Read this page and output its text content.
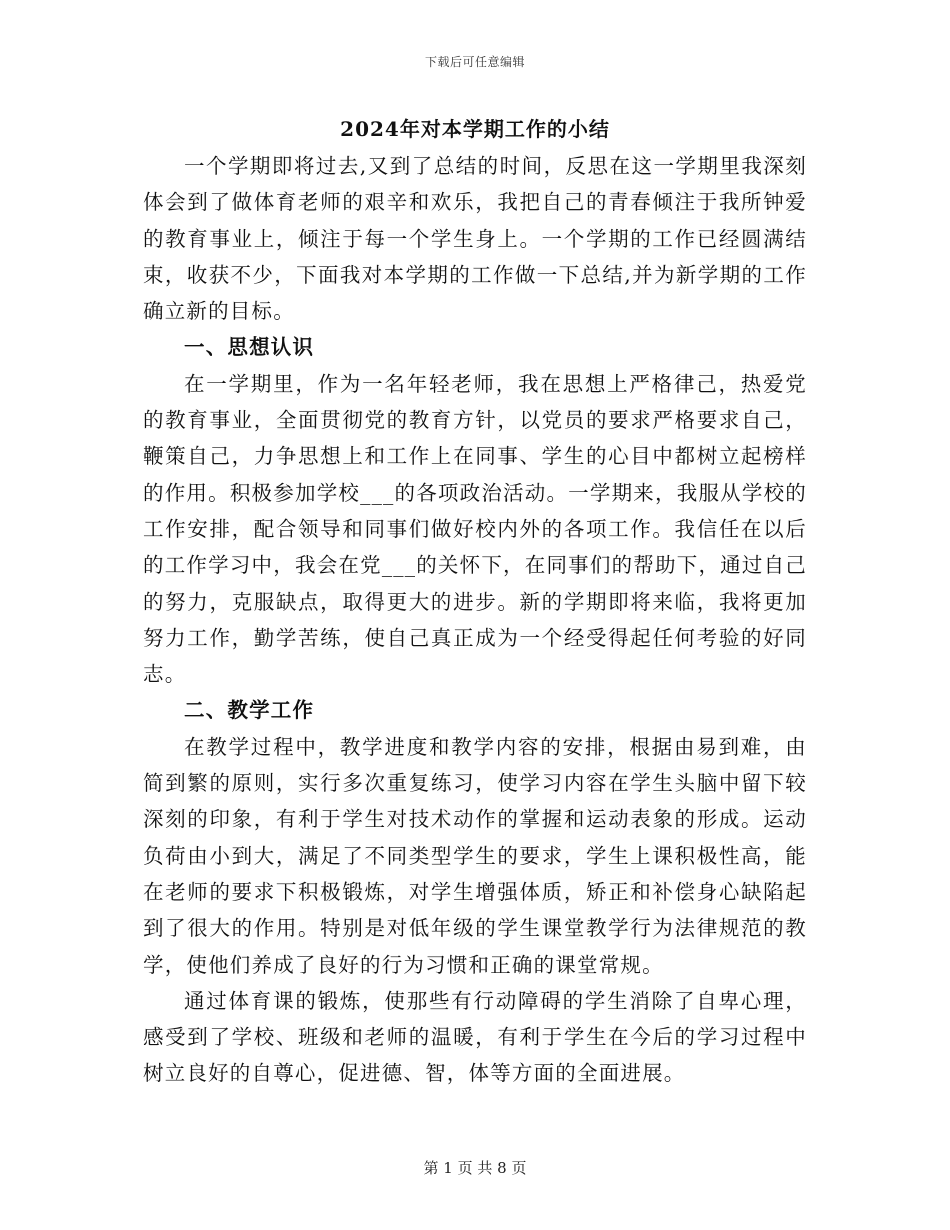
下载后可任意编辑
2024年对本学期工作的小结

一个学期即将过去,又到了总结的时间，反思在这一学期里我深刻体会到了做体育老师的艰辛和欢乐，我把自己的青春倾注于我所钟爱的教育事业上，倾注于每一个学生身上。一个学期的工作已经圆满结束，收获不少，下面我对本学期的工作做一下总结,并为新学期的工作确立新的目标。

一、思想认识

在一学期里，作为一名年轻老师，我在思想上严格律己，热爱党的教育事业，全面贯彻党的教育方针，以党员的要求严格要求自己，鞭策自己，力争思想上和工作上在同事、学生的心目中都树立起榜样的作用。积极参加学校___的各项政治活动。一学期来，我服从学校的工作安排，配合领导和同事们做好校内外的各项工作。我信任在以后的工作学习中，我会在党___的关怀下，在同事们的帮助下，通过自己的努力，克服缺点，取得更大的进步。新的学期即将来临，我将更加努力工作，勤学苦练，使自己真正成为一个经受得起任何考验的好同志。

二、教学工作

在教学过程中，教学进度和教学内容的安排，根据由易到难，由简到繁的原则，实行多次重复练习，使学习内容在学生头脑中留下较深刻的印象，有利于学生对技术动作的掌握和运动表象的形成。运动负荷由小到大，满足了不同类型学生的要求，学生上课积极性高，能在老师的要求下积极锻炼，对学生增强体质，矫正和补偿身心缺陷起到了很大的作用。特别是对低年级的学生课堂教学行为法律规范的教学，使他们养成了良好的行为习惯和正确的课堂常规。

通过体育课的锻炼，使那些有行动障碍的学生消除了自卑心理，感受到了学校、班级和老师的温暖，有利于学生在今后的学习过程中树立良好的自尊心，促进德、智，体等方面的全面进展。

第 1 页 共 8 页
